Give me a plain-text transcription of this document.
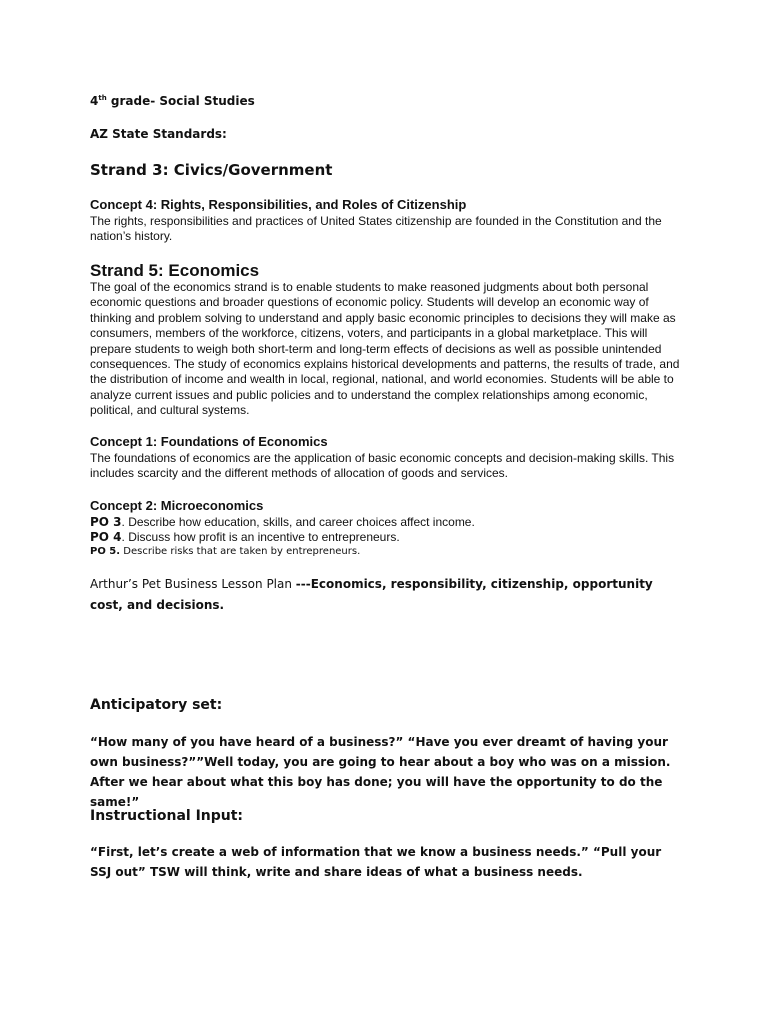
4th grade- Social Studies
AZ State Standards:
Strand 3: Civics/Government
Concept 4: Rights, Responsibilities, and Roles of Citizenship
The rights, responsibilities and practices of United States citizenship are founded in the Constitution and the nation’s history.
Strand 5: Economics
The goal of the economics strand is to enable students to make reasoned judgments about both personal economic questions and broader questions of economic policy. Students will develop an economic way of thinking and problem solving to understand and apply basic economic principles to decisions they will make as consumers, members of the workforce, citizens, voters, and participants in a global marketplace. This will prepare students to weigh both short-term and long-term effects of decisions as well as possible unintended consequences. The study of economics explains historical developments and patterns, the results of trade, and the distribution of income and wealth in local, regional, national, and world economies. Students will be able to analyze current issues and public policies and to understand the complex relationships among economic, political, and cultural systems.
Concept 1: Foundations of Economics
The foundations of economics are the application of basic economic concepts and decision-making skills. This includes scarcity and the different methods of allocation of goods and services.
Concept 2: Microeconomics
PO 3. Describe how education, skills, and career choices affect income.
PO 4. Discuss how profit is an incentive to entrepreneurs.
PO 5. Describe risks that are taken by entrepreneurs.
Arthur’s Pet Business Lesson Plan ---Economics, responsibility, citizenship, opportunity cost, and decisions.
Anticipatory set:
“How many of you have heard of a business?” “Have you ever dreamt of having your own business?””Well today, you are going to hear about a boy who was on a mission. After we hear about what this boy has done; you will have the opportunity to do the same!”
Instructional Input:
“First, let’s create a web of information that we know a business needs.” “Pull your SSJ out” TSW will think, write and share ideas of what a business needs.
